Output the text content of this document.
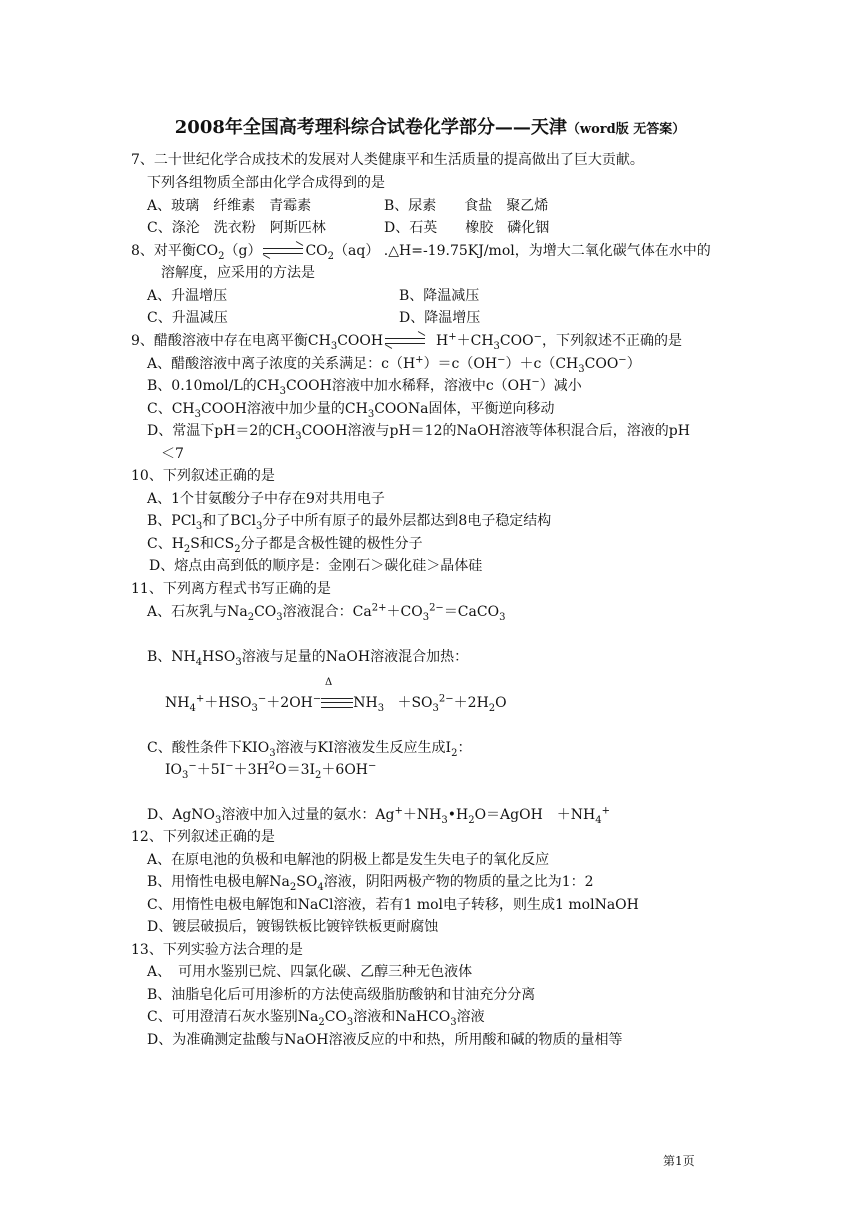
2008年全国高考理科综合试卷化学部分——天津（word版 无答案）
7、二十世纪化学合成技术的发展对人类健康平和生活质量的提高做出了巨大贡献。
下列各组物质全部由化学合成得到的是
A、玻璃　纤维素　青霉素	B、尿素　　食盐　聚乙烯
C、涤沦　洗衣粉　阿斯匹林	D、石英　　橡胶　磷化铟
8、对平衡$CO_2(g)\rightleftharpoons CO_2(aq)$ .△H=-19.75KJ/mol，为增大二氧化碳气体在水中的
溶解度，应采用的方法是
A、升温增压	B、降温减压
C、升温减压	D、降温增压
9、醋酸溶液中存在电离平衡$CH_3COOH\rightleftharpoons$ $H^++CH_3COO^-$，下列叙述不正确的是
A、醋酸溶液中离子浓度的关系满足：$c(H^+)=c(OH^-)+c(CH_3COO^-)$
B、0.10mol/L的$CH_3COOH$溶液中加水稀释，溶液中c（OH−）减小
C、$CH_3COOH$溶液中加少量的$CH_3COONa$固体，平衡逆向移动
D、常温下pH＝2的$CH_3COOH$溶液与pH＝12的NaOH溶液等体积混合后，溶液的pH
＜7
10、下列叙述正确的是
A、1个甘氨酸分子中存在9对共用电子
B、PCl$_3$和了BCl$_3$分子中所有原子的最外层都达到8电子稳定结构
C、$H_2S$和$CS_2$分子都是含极性键的极性分子
D、熔点由高到低的顺序是：金刚石＞碳化硅＞晶体硅
11、下列离方程式书写正确的是
A、石灰乳与$Na_2CO_3$溶液混合：$Ca^{2+}+CO_3^{2-}=CaCO_3$
B、$NH_4HSO_3$溶液与足量的NaOH溶液混合加热：
Δ
$NH_4^++HSO_3^-+2OH^-$ $NH_3 +SO_3^{2-}+2H_2O$
C、酸性条件下$KIO_3$溶液与KI溶液发生反应生成$I_2$：
$IO_3^-+5I^-+3H^2O=3I_2+6OH^-$
D、AgNO$_3$溶液中加入过量的氨水：$Ag^++NH_3•H_2O=AgOH$　$+NH_4^+$
12、下列叙述正确的是
A、在原电池的负极和电解池的阴极上都是发生失电子的氧化反应
B、用惰性电极电解$Na_2SO_4$溶液，阴阳两极产物的物质的量之比为1：2
C、用惰性电极电解饱和NaCl溶液，若有1 mol电子转移，则生成1 molNaOH
D、镀层破损后，镀锡铁板比镀锌铁板更耐腐蚀
13、下列实验方法合理的是
A、　可用水鉴别已烷、四氯化碳、乙醇三种无色液体
B、油脂皂化后可用渗析的方法使高级脂肪酸钠和甘油充分分离
C、可用澄清石灰水鉴别$Na_2CO_3$溶液和NaHCO$_3$溶液
D、为准确测定盐酸与NaOH溶液反应的中和热，所用酸和碱的物质的量相等
第1页
